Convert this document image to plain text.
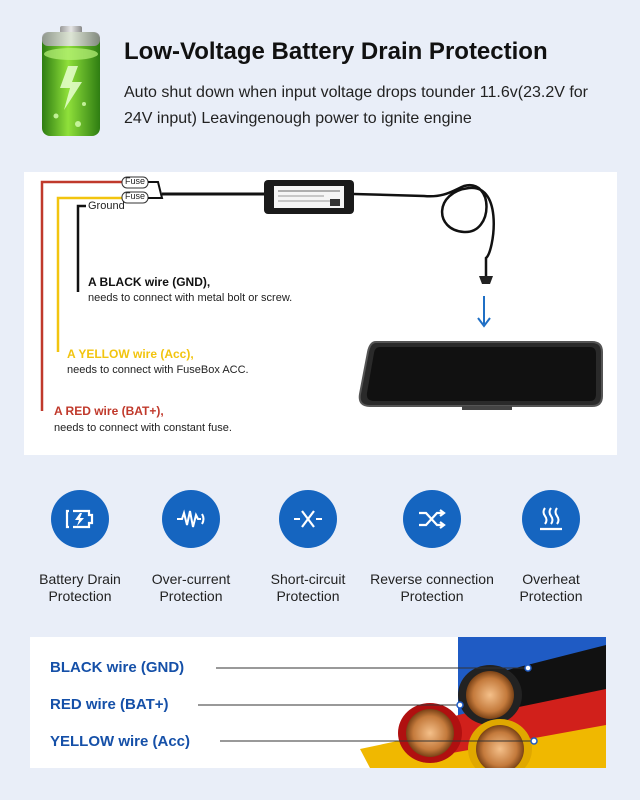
Low-Voltage Battery Drain Protection
Auto shut down when input voltage drops tounder 11.6v(23.2V for 24V input) Leavingenough power to ignite engine
Fuse
Fuse
Ground
A BLACK wire (GND),
needs to connect with metal bolt or screw.
A YELLOW wire (Acc),
needs to connect with FuseBox ACC.
A RED wire (BAT+),
needs to connect with constant fuse.
Battery Drain
Protection
Over-current
Protection
Short-circuit
Protection
Reverse connection
Protection
Overheat
Protection
BLACK wire (GND)
RED wire (BAT+)
YELLOW wire (Acc)
